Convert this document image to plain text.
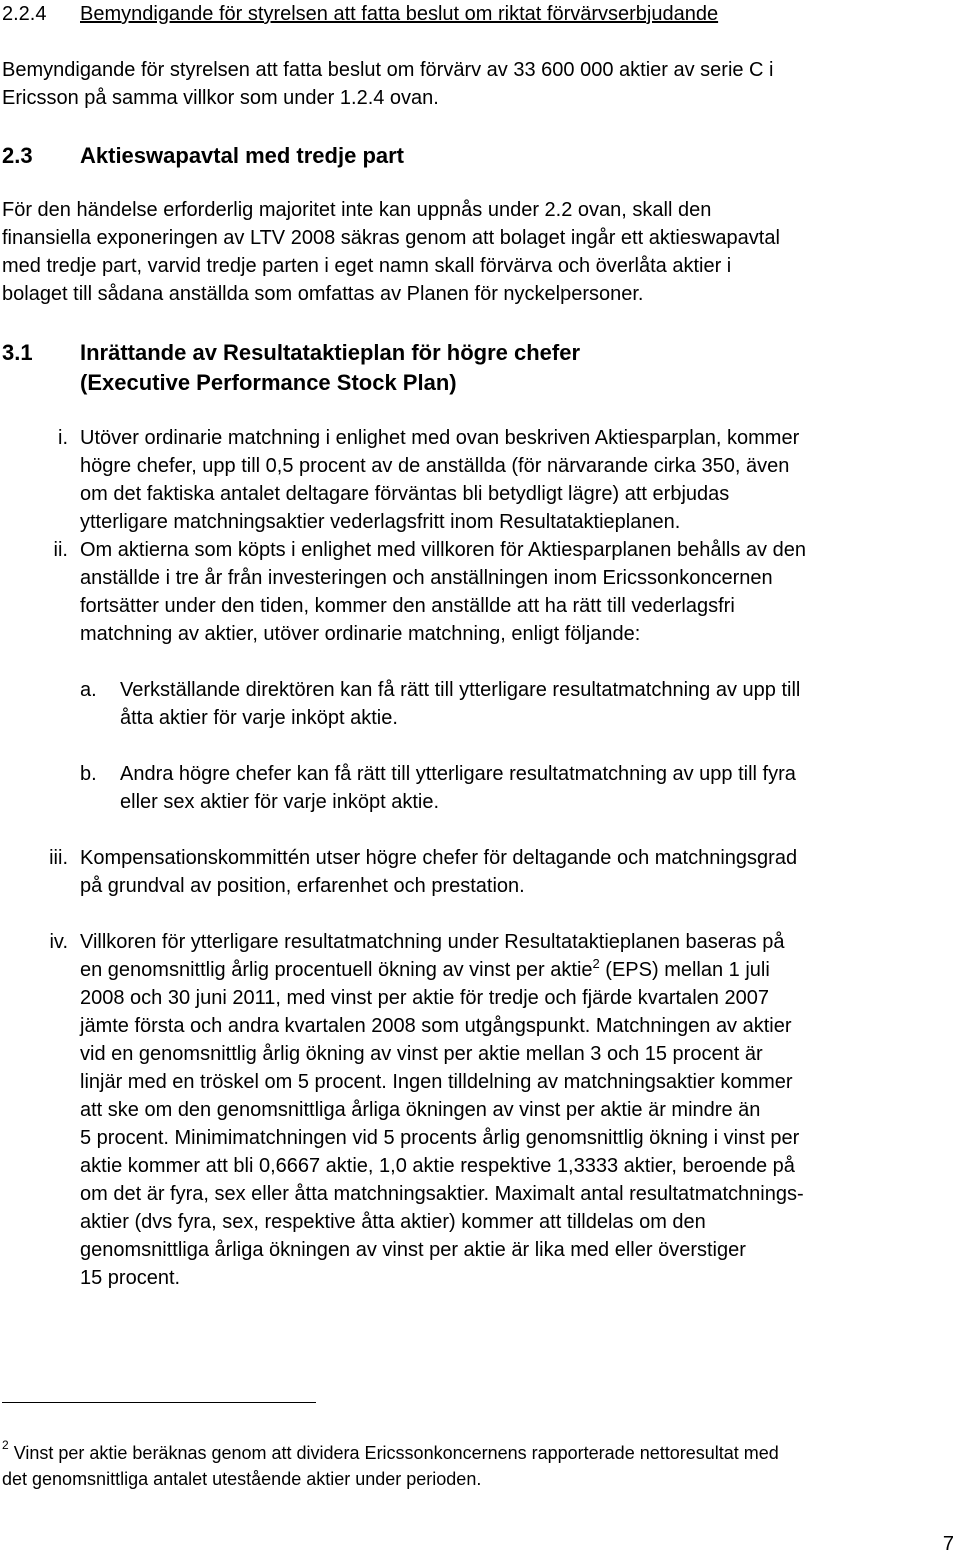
2.2.4 Bemyndigande för styrelsen att fatta beslut om riktat förvärvserbjudande
Bemyndigande för styrelsen att fatta beslut om förvärv av 33 600 000 aktier av serie C i
Ericsson på samma villkor som under 1.2.4 ovan.
2.3 Aktieswapavtal med tredje part
För den händelse erforderlig majoritet inte kan uppnås under 2.2 ovan, skall den
finansiella exponeringen av LTV 2008 säkras genom att bolaget ingår ett aktieswapavtal
med tredje part, varvid tredje parten i eget namn skall förvärva och överlåta aktier i
bolaget till sådana anställda som omfattas av Planen för nyckelpersoner.
3.1 Inrättande av Resultataktieplan för högre chefer
(Executive Performance Stock Plan)
i. Utöver ordinarie matchning i enlighet med ovan beskriven Aktiesparplan, kommer
högre chefer, upp till 0,5 procent av de anställda (för närvarande cirka 350, även
om det faktiska antalet deltagare förväntas bli betydligt lägre) att erbjudas
ytterligare matchningsaktier vederlagsfritt inom Resultataktieplanen.
ii. Om aktierna som köpts i enlighet med villkoren för Aktiesparplanen behålls av den
anställde i tre år från investeringen och anställningen inom Ericssonkoncernen
fortsätter under den tiden, kommer den anställde att ha rätt till vederlagsfri
matchning av aktier, utöver ordinarie matchning, enligt följande:
a. Verkställande direktören kan få rätt till ytterligare resultatmatchning av upp till
åtta aktier för varje inköpt aktie.
b. Andra högre chefer kan få rätt till ytterligare resultatmatchning av upp till fyra
eller sex aktier för varje inköpt aktie.
iii. Kompensationskommittén utser högre chefer för deltagande och matchningsgrad
på grundval av position, erfarenhet och prestation.
iv. Villkoren för ytterligare resultatmatchning under Resultataktieplanen baseras på
en genomsnittlig årlig procentuell ökning av vinst per aktie$^2$ (EPS) mellan 1 juli
2008 och 30 juni 2011, med vinst per aktie för tredje och fjärde kvartalen 2007
jämte första och andra kvartalen 2008 som utgångspunkt. Matchningen av aktier
vid en genomsnittlig årlig ökning av vinst per aktie mellan 3 och 15 procent är
linjär med en tröskel om 5 procent. Ingen tilldelning av matchningsaktier kommer
att ske om den genomsnittliga årliga ökningen av vinst per aktie är mindre än
5 procent. Minimimatchningen vid 5 procents årlig genomsnittlig ökning i vinst per
aktie kommer att bli 0,6667 aktie, 1,0 aktie respektive 1,3333 aktier, beroende på
om det är fyra, sex eller åtta matchningsaktier. Maximalt antal resultatmatchnings-
aktier (dvs fyra, sex, respektive åtta aktier) kommer att tilldelas om den
genomsnittliga årliga ökningen av vinst per aktie är lika med eller överstiger
15 procent.
$^2$ Vinst per aktie beräknas genom att dividera Ericssonkoncernens rapporterade nettoresultat med
det genomsnittliga antalet utestående aktier under perioden.
7
